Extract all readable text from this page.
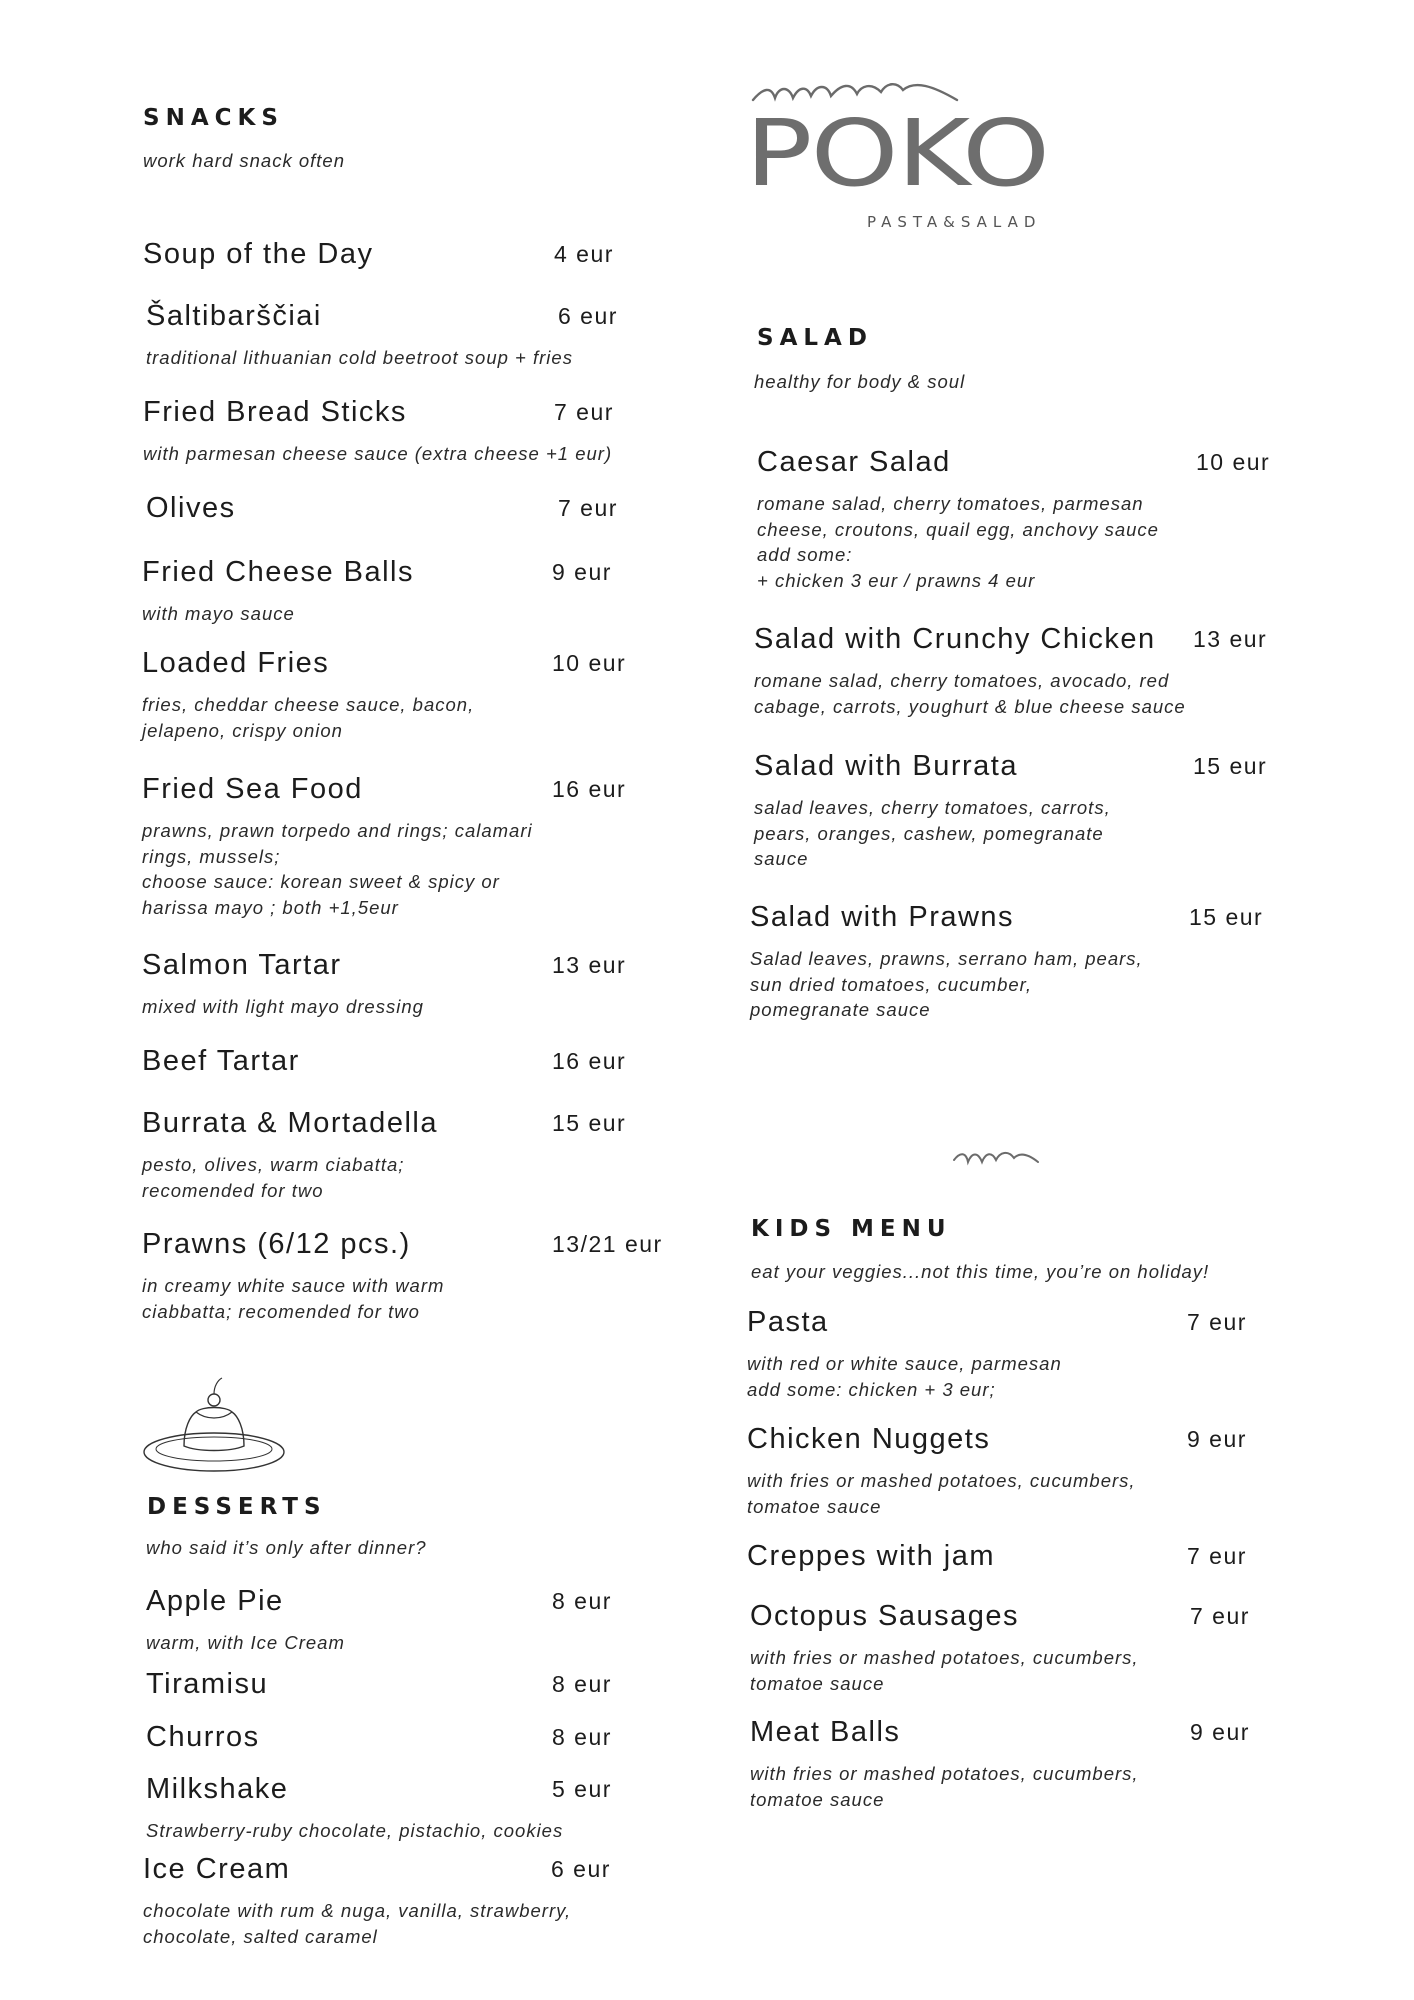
SNACKS
work hard snack often
SALAD
healthy for body & soul
KIDS MENU
eat your veggies...not this time, you’re on holiday!
DESSERTS
who said it’s only after dinner?
POKO
PASTA&SALAD
Soup of the Day	4 eur
Šaltibarščiai	6 eur
traditional lithuanian cold beetroot soup + fries
Fried Bread Sticks	7 eur
with parmesan cheese sauce (extra cheese +1 eur)
Olives	7 eur
Fried Cheese Balls	9 eur
with mayo sauce
Loaded Fries	10 eur
fries, cheddar cheese sauce, bacon,
jelapeno, crispy onion
Fried Sea Food	16 eur
prawns, prawn torpedo and rings; calamari
rings, mussels;
choose sauce: korean sweet & spicy or
harissa mayo ; both +1,5eur
Salmon Tartar	13 eur
mixed with light mayo dressing
Beef Tartar	16 eur
Burrata & Mortadella	15 eur
pesto, olives, warm ciabatta;
recomended for two
Prawns (6/12 pcs.)	13/21 eur
in creamy white sauce with warm
ciabbatta; recomended for two
Apple Pie	8 eur
warm, with Ice Cream
Tiramisu	8 eur
Churros	8 eur
Milkshake	5 eur
Strawberry-ruby chocolate, pistachio, cookies
Ice Cream	6 eur
chocolate with rum & nuga, vanilla, strawberry,
chocolate, salted caramel
Caesar Salad	10 eur
romane salad, cherry tomatoes, parmesan
cheese, croutons, quail egg, anchovy sauce
add some:
+ chicken 3 eur / prawns 4 eur
Salad with Crunchy Chicken 13 eur
romane salad, cherry tomatoes, avocado, red
cabage, carrots, youghurt & blue cheese sauce
Salad with Burrata	15 eur
salad leaves, cherry tomatoes, carrots,
pears, oranges, cashew, pomegranate
sauce
Salad with Prawns	15 eur
Salad leaves, prawns, serrano ham, pears,
sun dried tomatoes, cucumber,
pomegranate sauce
Pasta	7 eur
with red or white sauce, parmesan
add some: chicken + 3 eur;
Chicken Nuggets	9 eur
with fries or mashed potatoes, cucumbers,
tomatoe sauce
Creppes with jam	7 eur
Octopus Sausages	7 eur
with fries or mashed potatoes, cucumbers,
tomatoe sauce
Meat Balls	9 eur
with fries or mashed potatoes, cucumbers,
tomatoe sauce
